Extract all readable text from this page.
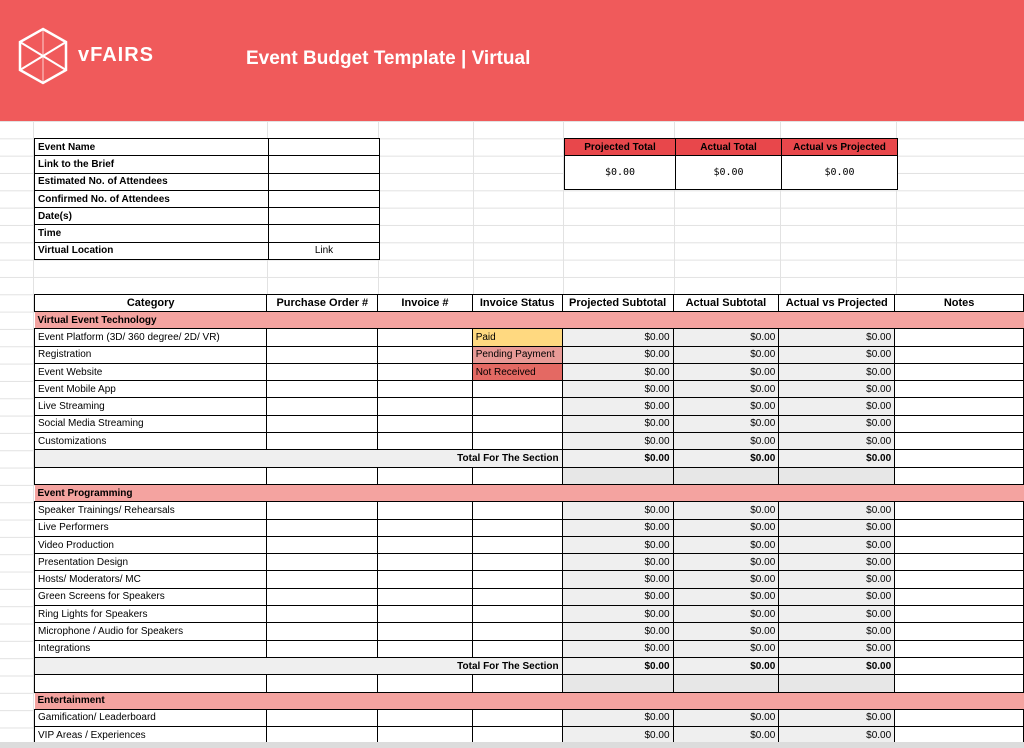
vFAIRS	Event Budget Template | Virtual
Event Name	
Link to the Brief	
Estimated No. of Attendees	
Confirmed No. of Attendees	
Date(s)	
Time	
Virtual Location	Link
Projected Total	Actual Total	Actual vs Projected
$0.00	$0.00	$0.00
Category	Purchase Order #	Invoice #	Invoice Status	Projected Subtotal	Actual Subtotal	Actual vs Projected	Notes
Virtual Event Technology							
Event Platform (3D/ 360 degree/ 2D/ VR)			Paid	$0.00	$0.00	$0.00	
Registration			Pending Payment	$0.00	$0.00	$0.00	
Event Website			Not Received	$0.00	$0.00	$0.00	
Event Mobile App				$0.00	$0.00	$0.00	
Live Streaming				$0.00	$0.00	$0.00	
Social Media Streaming				$0.00	$0.00	$0.00	
Customizations				$0.00	$0.00	$0.00	
Total For The Section				$0.00	$0.00	$0.00	

Event Programming							
Speaker Trainings/ Rehearsals				$0.00	$0.00	$0.00	
Live Performers				$0.00	$0.00	$0.00	
Video Production				$0.00	$0.00	$0.00	
Presentation Design				$0.00	$0.00	$0.00	
Hosts/ Moderators/ MC				$0.00	$0.00	$0.00	
Green Screens for Speakers				$0.00	$0.00	$0.00	
Ring Lights for Speakers				$0.00	$0.00	$0.00	
Microphone / Audio for Speakers				$0.00	$0.00	$0.00	
Integrations				$0.00	$0.00	$0.00	
Total For The Section				$0.00	$0.00	$0.00	

Entertainment							
Gamification/ Leaderboard				$0.00	$0.00	$0.00	
VIP Areas / Experiences				$0.00	$0.00	$0.00	
